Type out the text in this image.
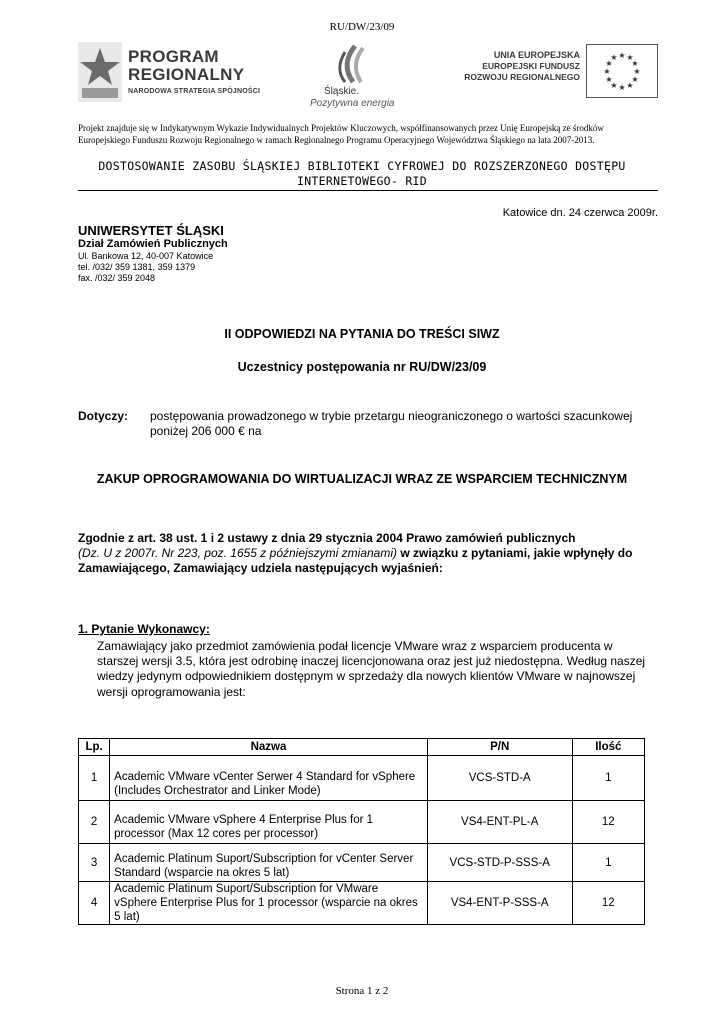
RU/DW/23/09
PROGRAM
REGIONALNY
NARODOWA STRATEGIA SPÓJNOŚCI	Śląskie.
Pozytywna energia
UNIA EUROPEJSKA
EUROPEJSKI FUNDUSZ
ROZWOJU REGIONALNEGO
★ ★
★
★
★
★
★
★
★
★
★
★
Projekt znajduje się w Indykatywnym Wykazie Indywidualnych Projektów Kluczowych, współfinansowanych przez Unię Europejską ze środków Europejskiego Funduszu Rozwoju Regionalnego w ramach Regionalnego Programu Operacyjnego Województwa Śląskiego na lata 2007-2013.
DOSTOSOWANIE ZASOBU ŚLĄSKIEJ BIBLIOTEKI CYFROWEJ DO ROZSZERZONEGO DOSTĘPU
INTERNETOWEGO- RID
Katowice dn. 24 czerwca 2009r.
UNIWERSYTET ŚLĄSKI
Dział Zamówień Publicznych
Ul. Bankowa 12, 40-007 Katowice
tel. /032/ 359 1381, 359 1379
fax. /032/ 359 2048
II ODPOWIEDZI NA PYTANIA DO TREŚCI SIWZ
Uczestnicy postępowania nr RU/DW/23/09
Dotyczy: postępowania prowadzonego w trybie przetargu nieograniczonego o wartości szacunkowej poniżej 206 000 € na
ZAKUP OPROGRAMOWANIA DO WIRTUALIZACJI WRAZ ZE WSPARCIEM TECHNICZNYM
Zgodnie z art. 38 ust. 1 i 2 ustawy z dnia 29 stycznia 2004 Prawo zamówień publicznych
(Dz. U z 2007r. Nr 223, poz. 1655 z późniejszymi zmianami) w związku z pytaniami, jakie wpłynęły do Zamawiającego, Zamawiający udziela następujących wyjaśnień:
1. Pytanie Wykonawcy:
Zamawiający jako przedmiot zamówienia podał licencje VMware wraz z wsparciem producenta w starszej wersji 3.5, która jest odrobinę inaczej licencjonowana oraz jest już niedostępna. Według naszej wiedzy jedynym odpowiednikiem dostępnym w sprzedaży dla nowych klientów VMware w najnowszej wersji oprogramowania jest:
Lp.	Nazwa	P/N	Ilość
1	Academic VMware vCenter Serwer 4 Standard for vSphere (Includes Orchestrator and Linker Mode)	VCS-STD-A	1
2	Academic VMware vSphere 4 Enterprise Plus for 1 processor (Max 12 cores per processor)	VS4-ENT-PL-A	12
3	Academic Platinum Suport/Subscription for vCenter Server Standard (wsparcie na okres 5 lat)	VCS-STD-P-SSS-A	1
4	Academic Platinum Suport/Subscription for VMware vSphere Enterprise Plus for 1 processor (wsparcie na okres 5 lat)	VS4-ENT-P-SSS-A	12
Strona 1 z 2
